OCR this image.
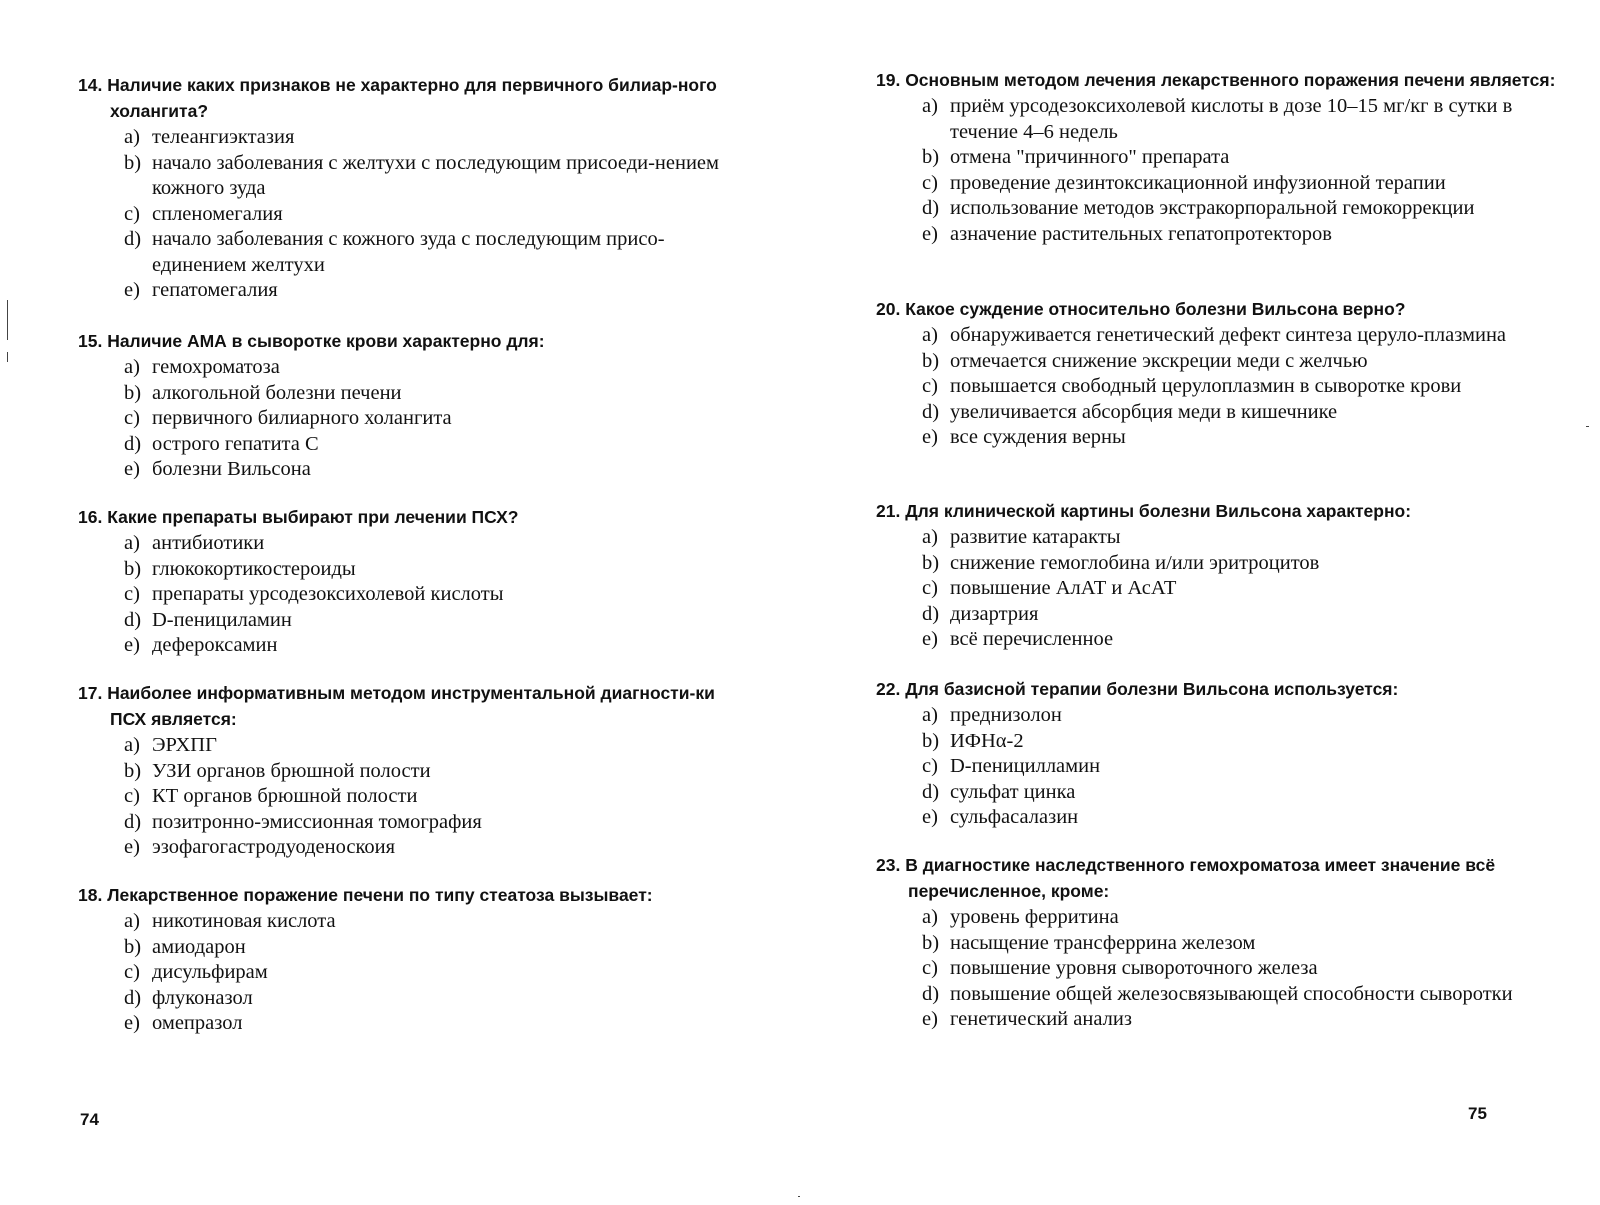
14. Наличие каких признаков не характерно для первичного билиар-ного холангита?

a) телеангиэктазия
b) начало заболевания с желтухи с последующим присоеди-нением кожного зуда
c) спленомегалия
d) начало заболевания с кожного зуда с последующим присо-единением желтухи
e) гепатомегалия

15. Наличие АМА в сыворотке крови характерно для:

a) гемохроматоза
b) алкогольной болезни печени
c) первичного билиарного холангита
d) острого гепатита C
e) болезни Вильсона

16. Какие препараты выбирают при лечении ПСХ?

a) антибиотики
b) глюкокортикостероиды
c) препараты урсодезоксихолевой кислоты
d) D-пенициламин
e) дефероксамин

17. Наиболее информативным методом инструментальной диагности-ки ПСХ является:

a) ЭРХПГ
b) УЗИ органов брюшной полости
c) КТ органов брюшной полости
d) позитронно-эмиссионная томография
e) эзофагогастродуоденоскоия

18. Лекарственное поражение печени по типу стеатоза вызывает:

a) никотиновая кислота
b) амиодарон
c) дисульфирам
d) флуконазол
e) омепразол
74

19. Основным методом лечения лекарственного поражения печени является:

a) приём урсодезоксихолевой кислоты в дозе 10–15 мг/кг в сутки в течение 4–6 недель
b) отмена "причинного" препарата
c) проведение дезинтоксикационной инфузионной терапии
d) использование методов экстракорпоральной гемокоррекции
e) азначение растительных гепатопротекторов

20. Какое суждение относительно болезни Вильсона верно?

a) обнаруживается генетический дефект синтеза церуло-плазмина
b) отмечается снижение экскреции меди с желчью
c) повышается свободный церулоплазмин в сыворотке крови
d) увеличивается абсорбция меди в кишечнике
e) все суждения верны

21. Для клинической картины болезни Вильсона характерно:

a) развитие катаракты
b) снижение гемоглобина и/или эритроцитов
c) повышение АлАТ и АсАТ
d) дизартрия
e) всё перечисленное

22. Для базисной терапии болезни Вильсона используется:

a) преднизолон
b) ИФНα-2
c) D-пеницилламин
d) сульфат цинка
e) сульфасалазин

23. В диагностике наследственного гемохроматоза имеет значение всё перечисленное, кроме:

a) уровень ферритина
b) насыщение трансферрина железом
c) повышение уровня сывороточного железа
d) повышение общей железосвязывающей способности сыворотки
e) генетический анализ
75
